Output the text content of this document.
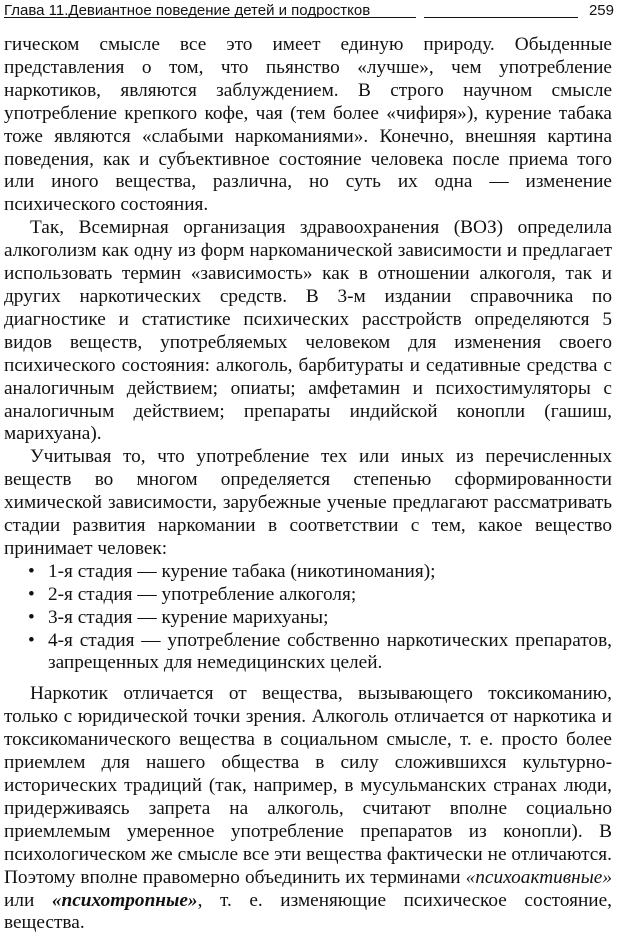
Глава 11.Девиантное поведение детей и подростков	259

гическом смысле все это имеет единую природу. Обыденные представления о том, что пьянство «лучше», чем употребление наркотиков, являются заблуждением. В строго научном смысле употребление крепкого кофе, чая (тем более «чифиря»), курение табака тоже являются «слабыми наркоманиями». Конечно, внешняя картина поведения, как и субъективное состояние человека после приема того или иного вещества, различна, но суть их одна — изменение психического состояния.

Так, Всемирная организация здравоохранения (ВОЗ) определила алкоголизм как одну из форм наркоманической зависимости и предлагает использовать термин «зависимость» как в отношении алкоголя, так и других наркотических средств. В 3-м издании справочника по диагностике и статистике психических расстройств определяются 5 видов веществ, употребляемых человеком для изменения своего психического состояния: алкоголь, барбитураты и седативные средства с аналогичным действием; опиаты; амфетамин и психостимуляторы с аналогичным действием; препараты индийской конопли (гашиш, марихуана).

Учитывая то, что употребление тех или иных из перечисленных веществ во многом определяется степенью сформированности химической зависимости, зарубежные ученые предлагают рассматривать стадии развития наркомании в соответствии с тем, какое вещество принимает человек:

• 1-я стадия — курение табака (никотиномания);
• 2-я стадия — употребление алкоголя;
• 3-я стадия — курение марихуаны;
• 4-я стадия — употребление собственно наркотических препаратов, запрещенных для немедицинских целей.

Наркотик отличается от вещества, вызывающего токсикоманию, только с юридической точки зрения. Алкоголь отличается от наркотика и токсикоманического вещества в социальном смысле, т. е. просто более приемлем для нашего общества в силу сложившихся культурно-исторических традиций (так, например, в мусульманских странах люди, придерживаясь запрета на алкоголь, считают вполне социально приемлемым умеренное употребление препаратов из конопли). В психологическом же смысле все эти вещества фактически не отличаются. Поэтому вполне правомерно объединить их терминами «психоактивные» или «психотропные», т. е. изменяющие психическое состояние, вещества.
